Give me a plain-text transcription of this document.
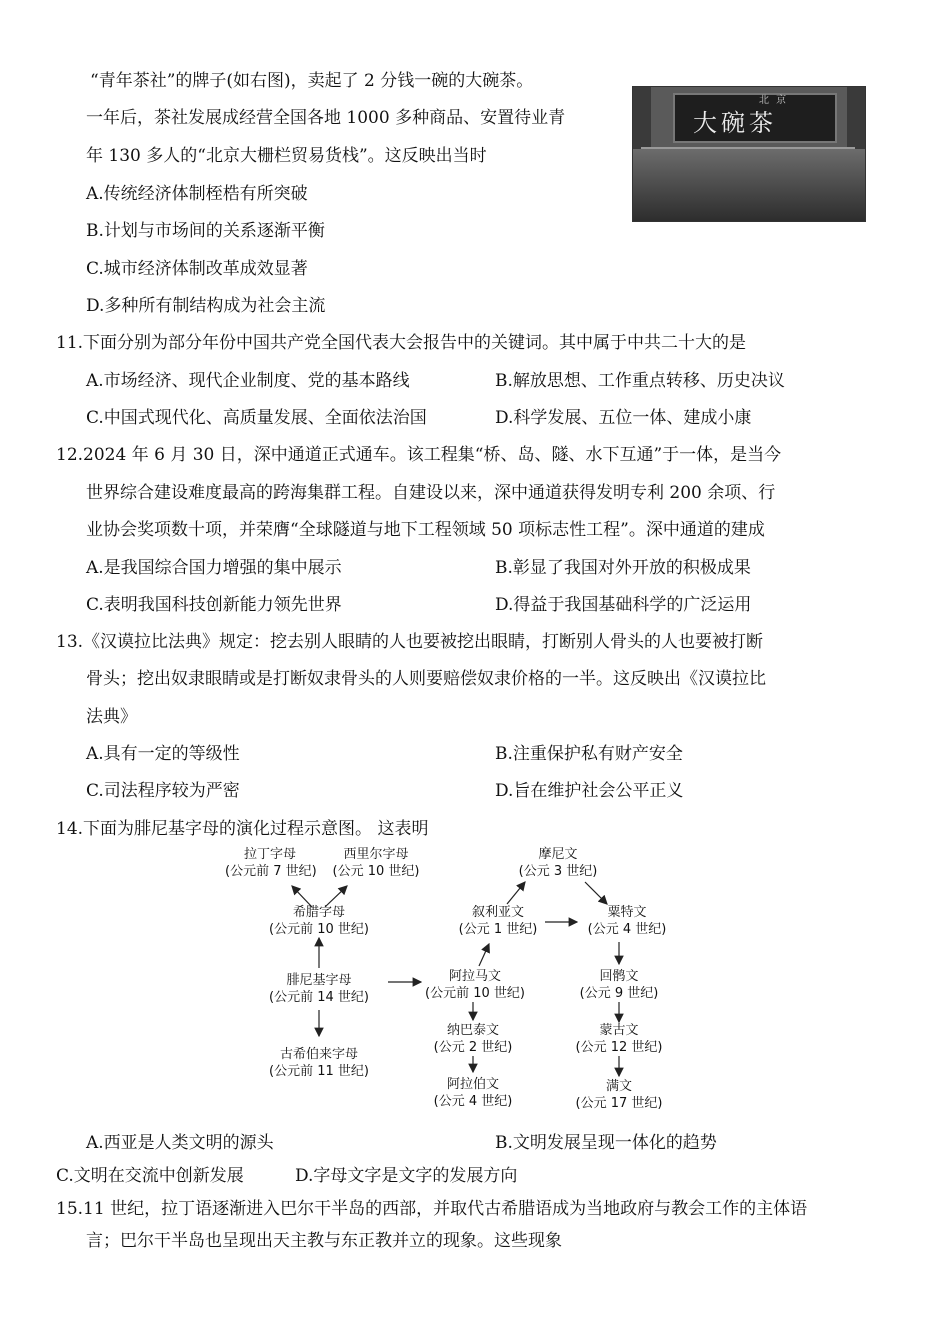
“青年茶社”的牌子(如右图)，卖起了 2 分钱一碗的大碗茶。
一年后，茶社发展成经营全国各地 1000 多种商品、安置待业青
年 130 多人的“北京大栅栏贸易货栈”。这反映出当时
大碗茶
北 京
A.传统经济体制桎梏有所突破
B.计划与市场间的关系逐渐平衡
C.城市经济体制改革成效显著
D.多种所有制结构成为社会主流
11.下面分别为部分年份中国共产党全国代表大会报告中的关键词。其中属于中共二十大的是
A.市场经济、现代企业制度、党的基本路线	B.解放思想、工作重点转移、历史决议
C.中国式现代化、高质量发展、全面依法治国	D.科学发展、五位一体、建成小康
12.2024 年 6 月 30 日，深中通道正式通车。该工程集“桥、岛、隧、水下互通”于一体，是当今
世界综合建设难度最高的跨海集群工程。自建设以来，深中通道获得发明专利 200 余项、行
业协会奖项数十项，并荣膺“全球隧道与地下工程领域 50 项标志性工程”。深中通道的建成
A.是我国综合国力增强的集中展示	B.彰显了我国对外开放的积极成果
C.表明我国科技创新能力领先世界	D.得益于我国基础科学的广泛运用
13.《汉谟拉比法典》规定：挖去别人眼睛的人也要被挖出眼睛，打断别人骨头的人也要被打断
骨头；挖出奴隶眼睛或是打断奴隶骨头的人则要赔偿奴隶价格的一半。这反映出《汉谟拉比
法典》
A.具有一定的等级性	B.注重保护私有财产安全
C.司法程序较为严密	D.旨在维护社会公平正义
14.下面为腓尼基字母的演化过程示意图。 这表明
拉丁字母
(公元前 7 世纪)
西里尔字母
(公元 10 世纪)
希腊字母
(公元前 10 世纪)
腓尼基字母
(公元前 14 世纪)
古希伯来字母
(公元前 11 世纪)
摩尼文
(公元 3 世纪)
叙利亚文
(公元 1 世纪)
粟特文
(公元 4 世纪)
阿拉马文
(公元前 10 世纪)
纳巴泰文
(公元 2 世纪)
阿拉伯文
(公元 4 世纪)
回鹘文
(公元 9 世纪)
蒙古文
(公元 12 世纪)
满文
(公元 17 世纪)
A.西亚是人类文明的源头	B.文明发展呈现一体化的趋势
C.文明在交流中创新发展	D.字母文字是文字的发展方向
15.11 世纪，拉丁语逐渐进入巴尔干半岛的西部，并取代古希腊语成为当地政府与教会工作的主体语
言；巴尔干半岛也呈现出天主教与东正教并立的现象。这些现象
